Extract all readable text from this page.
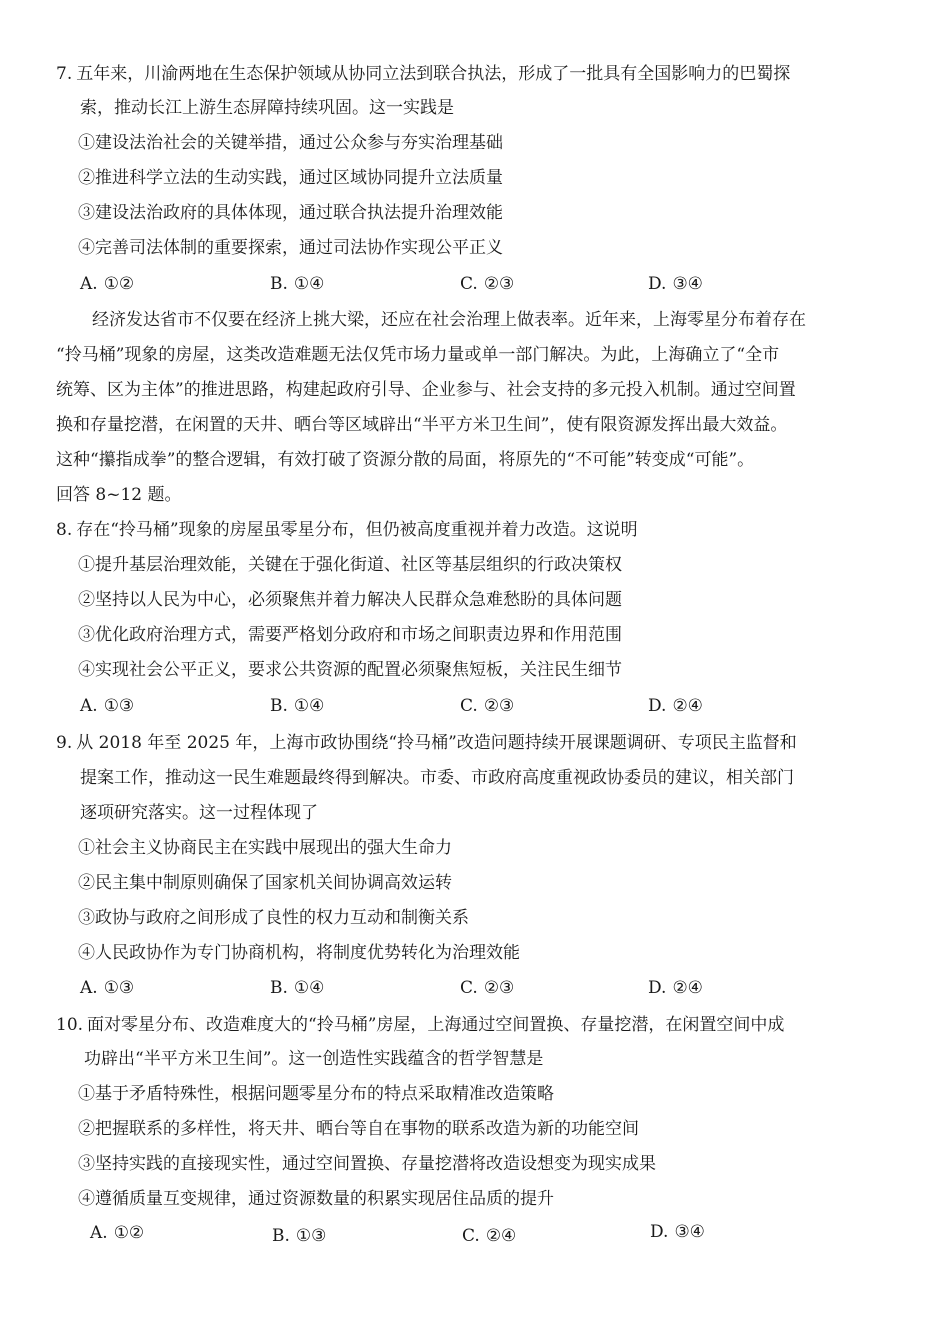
7. 五年来，川渝两地在生态保护领域从协同立法到联合执法，形成了一批具有全国影响力的巴蜀探
索，推动长江上游生态屏障持续巩固。这一实践是
①建设法治社会的关键举措，通过公众参与夯实治理基础
②推进科学立法的生动实践，通过区域协同提升立法质量
③建设法治政府的具体体现，通过联合执法提升治理效能
④完善司法体制的重要探索，通过司法协作实现公平正义
A. ①②	B. ①④	C. ②③	D. ③④
经济发达省市不仅要在经济上挑大梁，还应在社会治理上做表率。近年来，上海零星分布着存在
“拎马桶”现象的房屋，这类改造难题无法仅凭市场力量或单一部门解决。为此，上海确立了“全市
统筹、区为主体”的推进思路，构建起政府引导、企业参与、社会支持的多元投入机制。通过空间置
换和存量挖潜，在闲置的天井、晒台等区域辟出“半平方米卫生间”，使有限资源发挥出最大效益。
这种“攥指成拳”的整合逻辑，有效打破了资源分散的局面，将原先的“不可能”转变成“可能”。
回答 8~12 题。
8. 存在“拎马桶”现象的房屋虽零星分布，但仍被高度重视并着力改造。这说明
①提升基层治理效能，关键在于强化街道、社区等基层组织的行政决策权
②坚持以人民为中心，必须聚焦并着力解决人民群众急难愁盼的具体问题
③优化政府治理方式，需要严格划分政府和市场之间职责边界和作用范围
④实现社会公平正义，要求公共资源的配置必须聚焦短板，关注民生细节
A. ①③	B. ①④	C. ②③	D. ②④
9. 从 2018 年至 2025 年，上海市政协围绕“拎马桶”改造问题持续开展课题调研、专项民主监督和
提案工作，推动这一民生难题最终得到解决。市委、市政府高度重视政协委员的建议，相关部门
逐项研究落实。这一过程体现了
①社会主义协商民主在实践中展现出的强大生命力
②民主集中制原则确保了国家机关间协调高效运转
③政协与政府之间形成了良性的权力互动和制衡关系
④人民政协作为专门协商机构，将制度优势转化为治理效能
A. ①③	B. ①④	C. ②③	D. ②④
10. 面对零星分布、改造难度大的“拎马桶”房屋，上海通过空间置换、存量挖潜，在闲置空间中成
功辟出“半平方米卫生间”。这一创造性实践蕴含的哲学智慧是
①基于矛盾特殊性，根据问题零星分布的特点采取精准改造策略
②把握联系的多样性，将天井、晒台等自在事物的联系改造为新的功能空间
③坚持实践的直接现实性，通过空间置换、存量挖潜将改造设想变为现实成果
④遵循质量互变规律，通过资源数量的积累实现居住品质的提升
A. ①②	B. ①③	C. ②④	D. ③④
